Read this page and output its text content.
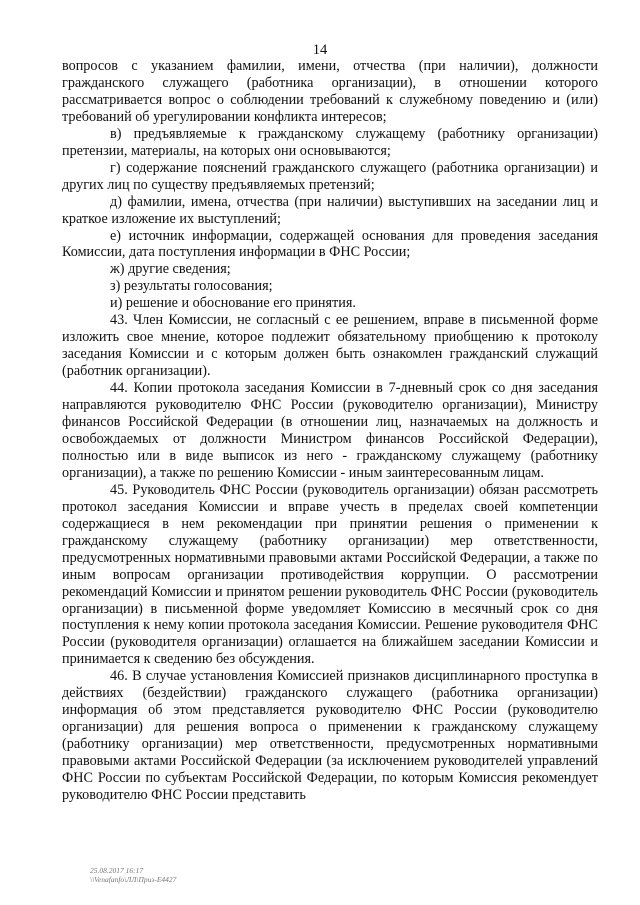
14

вопросов с указанием фамилии, имени, отчества (при наличии), должности гражданского служащего (работника организации), в отношении которого рассматривается вопрос о соблюдении требований к служебному поведению и (или) требований об урегулировании конфликта интересов;

в) предъявляемые к гражданскому служащему (работнику организации) претензии, материалы, на которых они основываются;

г) содержание пояснений гражданского служащего (работника организации) и других лиц по существу предъявляемых претензий;

д) фамилии, имена, отчества (при наличии) выступивших на заседании лиц и краткое изложение их выступлений;

е) источник информации, содержащей основания для проведения заседания Комиссии, дата поступления информации в ФНС России;

ж) другие сведения;

з) результаты голосования;

и) решение и обоснование его принятия.

43. Член Комиссии, не согласный с ее решением, вправе в письменной форме изложить свое мнение, которое подлежит обязательному приобщению к протоколу заседания Комиссии и с которым должен быть ознакомлен гражданский служащий (работник организации).

44. Копии протокола заседания Комиссии в 7-дневный срок со дня заседания направляются руководителю ФНС России (руководителю организации), Министру финансов Российской Федерации (в отношении лиц, назначаемых на должность и освобождаемых от должности Министром финансов Российской Федерации), полностью или в виде выписок из него - гражданскому служащему (работнику организации), а также по решению Комиссии - иным заинтересованным лицам.

45. Руководитель ФНС России (руководитель организации) обязан рассмотреть протокол заседания Комиссии и вправе учесть в пределах своей компетенции содержащиеся в нем рекомендации при принятии решения о применении к гражданскому служащему (работнику организации) мер ответственности, предусмотренных нормативными правовыми актами Российской Федерации, а также по иным вопросам организации противодействия коррупции. О рассмотрении рекомендаций Комиссии и принятом решении руководитель ФНС России (руководитель организации) в письменной форме уведомляет Комиссию в месячный срок со дня поступления к нему копии протокола заседания Комиссии. Решение руководителя ФНС России (руководителя организации) оглашается на ближайшем заседании Комиссии и принимается к сведению без обсуждения.

46. В случае установления Комиссией признаков дисциплинарного проступка в действиях (бездействии) гражданского служащего (работника организации) информация об этом представляется руководителю ФНС России (руководителю организации) для решения вопроса о применении к гражданскому служащему (работнику организации) мер ответственности, предусмотренных нормативными правовыми актами Российской Федерации (за исключением руководителей управлений ФНС России по субъектам Российской Федерации, по которым Комиссия рекомендует руководителю ФНС России представить

25.08.2017 16:17
\\Venafanfo\ЛЛ\Приз-Е4427
